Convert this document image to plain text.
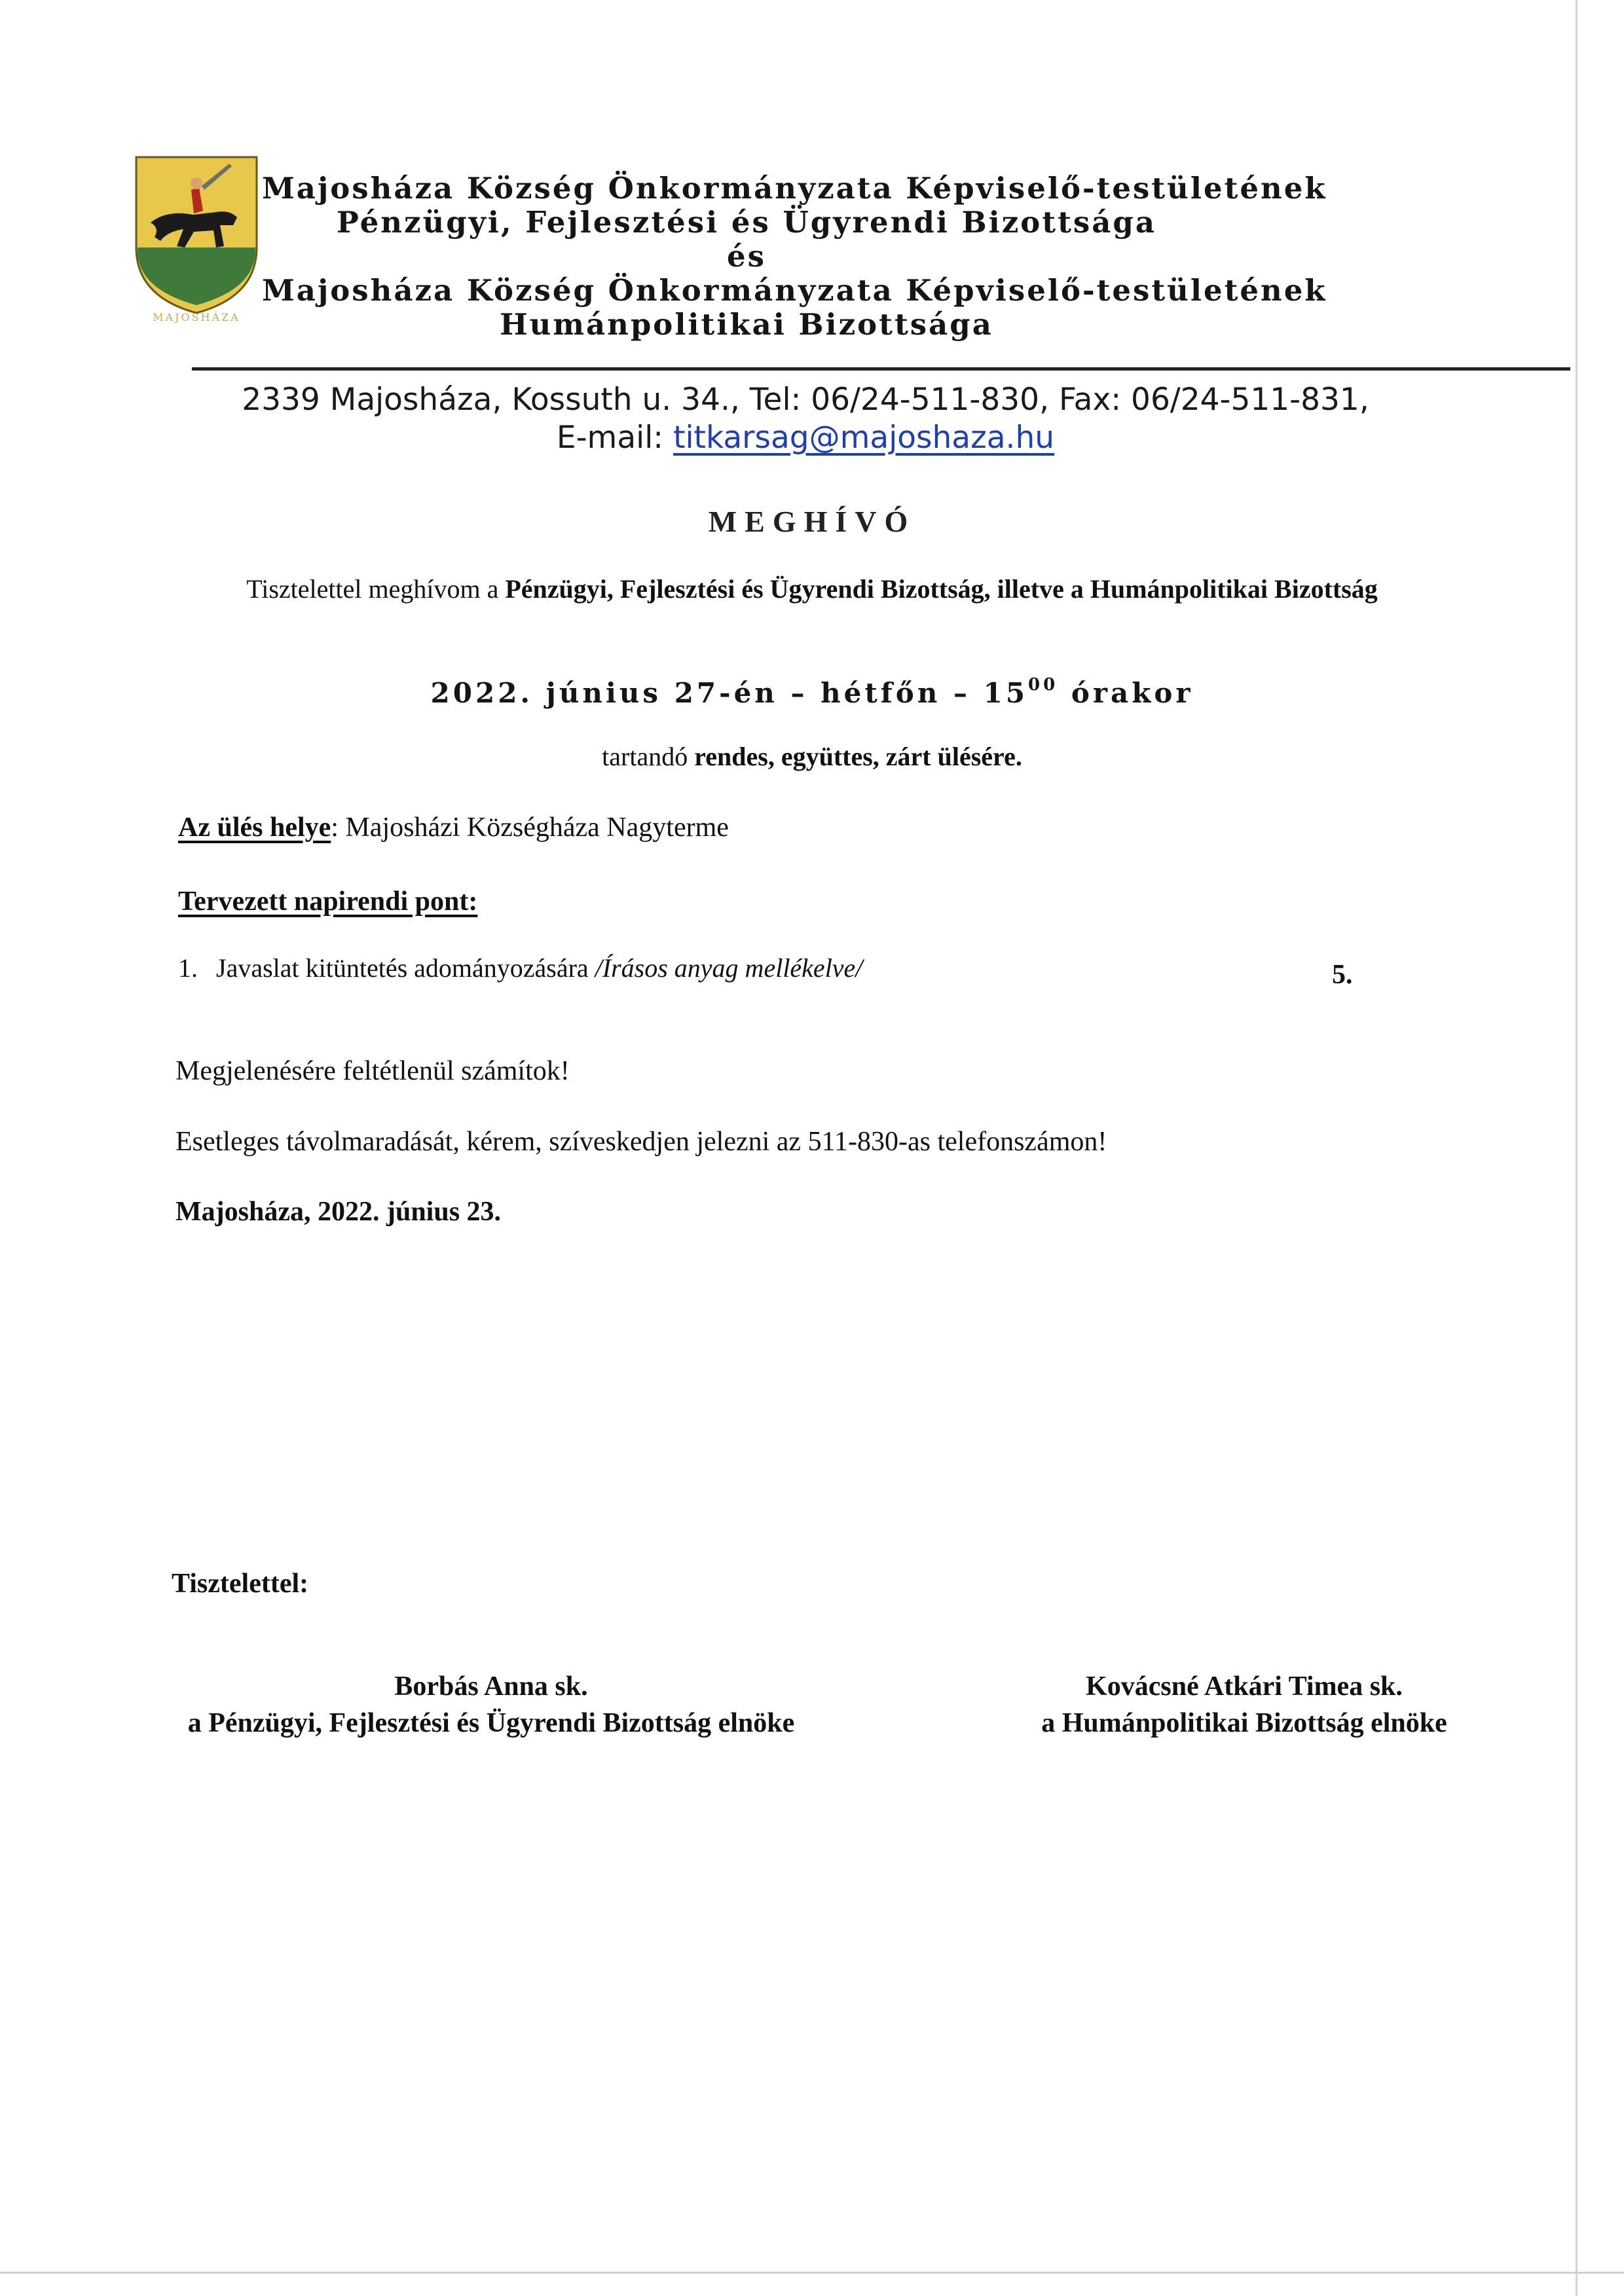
MAJOSHÁZA
Majosháza Község Önkormányzata Képviselő-testületének
Pénzügyi, Fejlesztési és Ügyrendi Bizottsága
és
Majosháza Község Önkormányzata Képviselő-testületének
Humánpolitikai Bizottsága
2339 Majosháza, Kossuth u. 34., Tel: 06/24-511-830, Fax: 06/24-511-831,
E-mail: titkarsag@majoshaza.hu
MEGHÍVÓ
Tisztelettel meghívom a Pénzügyi, Fejlesztési és Ügyrendi Bizottság, illetve a Humánpolitikai Bizottság
2022. június 27-én – hétfőn – $15^{00}$ órakor
tartandó rendes, együttes, zárt ülésére.
Az ülés helye: Majosházi Községháza Nagyterme
Tervezett napirendi pont:
1. Javaslat kitüntetés adományozására /Írásos anyag mellékelve/	5.
Megjelenésére feltétlenül számítok!
Esetleges távolmaradását, kérem, szíveskedjen jelezni az 511-830-as telefonszámon!
Majosháza, 2022. június 23.
Tisztelettel:
Borbás Anna sk.
a Pénzügyi, Fejlesztési és Ügyrendi Bizottság elnöke
Kovácsné Atkári Timea sk.
a Humánpolitikai Bizottság elnöke
